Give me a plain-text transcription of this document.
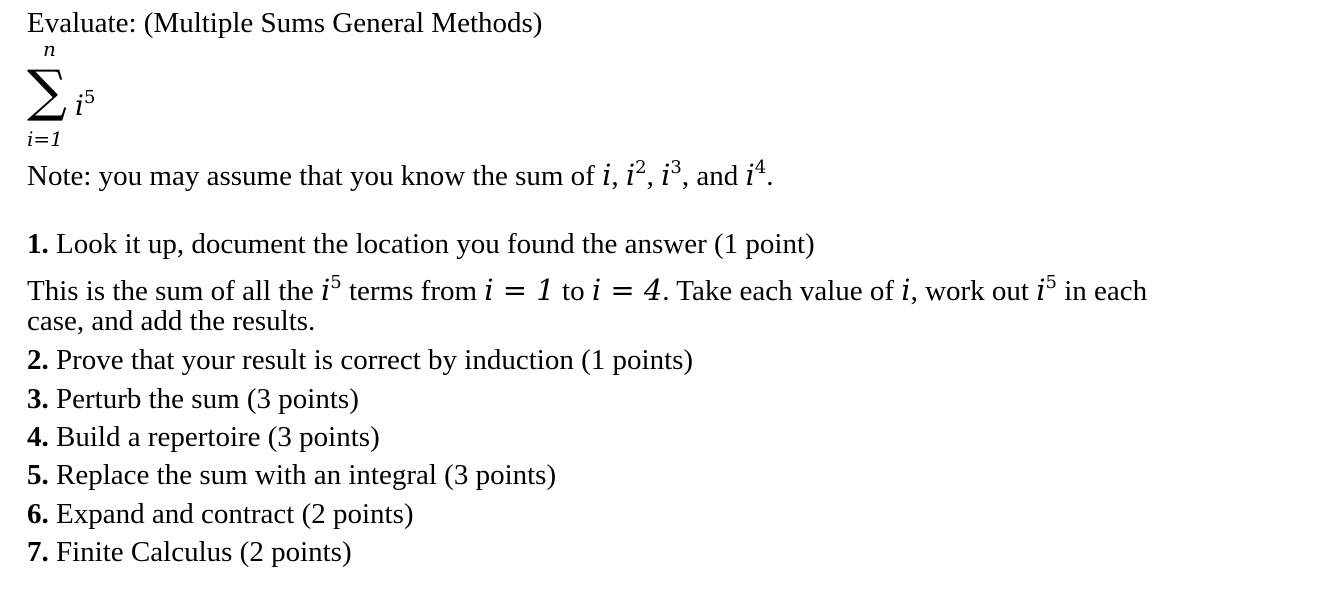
Evaluate: (Multiple Sums General Methods)
n
∑ $i^5$
i=1
Note: you may assume that you know the sum of i, $i^2$, $i^3$, and $i^4$.
1. Look it up, document the location you found the answer (1 point)
This is the sum of all the $i^5$ terms from i = 1 to i = 4. Take each value of i, work out $i^5$ in each
case, and add the results.
2. Prove that your result is correct by induction (1 points)
3. Perturb the sum (3 points)
4. Build a repertoire (3 points)
5. Replace the sum with an integral (3 points)
6. Expand and contract (2 points)
7. Finite Calculus (2 points)
